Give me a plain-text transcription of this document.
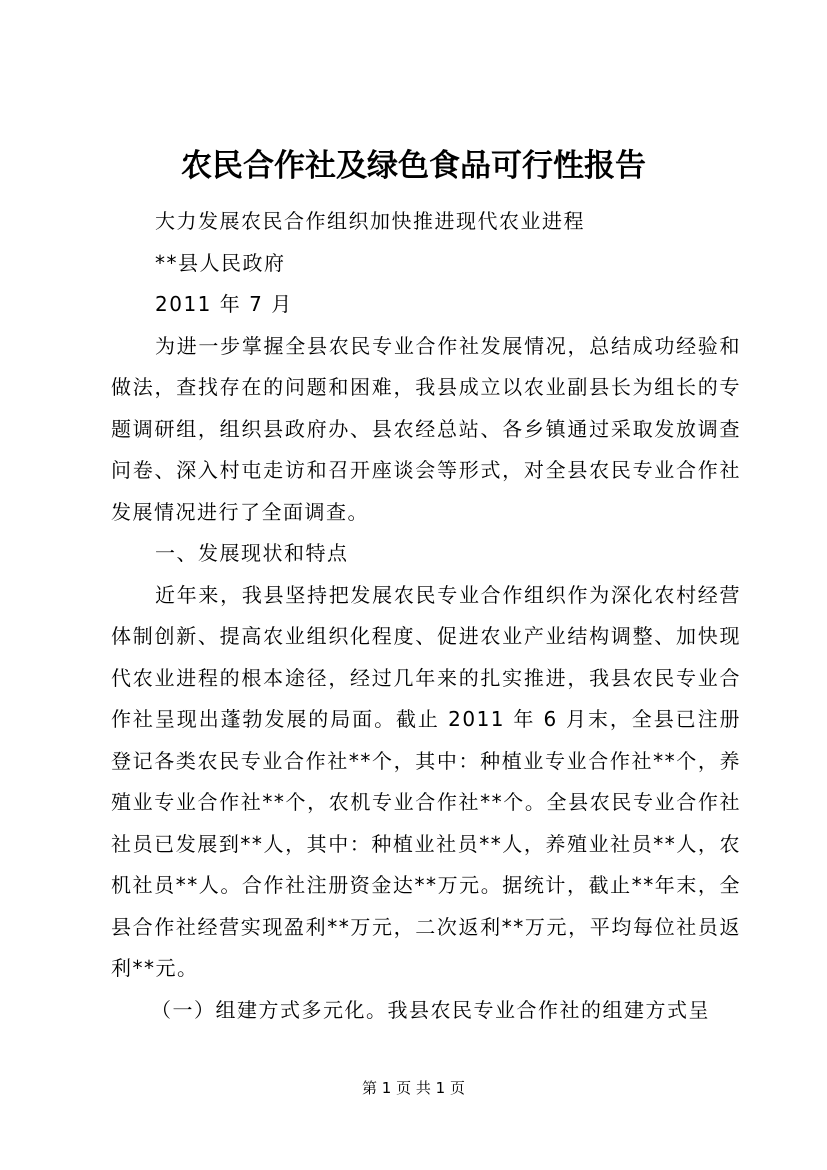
农民合作社及绿色食品可行性报告

大力发展农民合作组织加快推进现代农业进程

**县人民政府

2011 年 7 月

为进一步掌握全县农民专业合作社发展情况，总结成功经验和做法，查找存在的问题和困难，我县成立以农业副县长为组长的专题调研组，组织县政府办、县农经总站、各乡镇通过采取发放调查问卷、深入村屯走访和召开座谈会等形式，对全县农民专业合作社发展情况进行了全面调查。

一、发展现状和特点

近年来，我县坚持把发展农民专业合作组织作为深化农村经营体制创新、提高农业组织化程度、促进农业产业结构调整、加快现代农业进程的根本途径，经过几年来的扎实推进，我县农民专业合作社呈现出蓬勃发展的局面。截止 2011 年 6 月末，全县已注册登记各类农民专业合作社**个，其中：种植业专业合作社**个，养殖业专业合作社**个，农机专业合作社**个。全县农民专业合作社社员已发展到**人，其中：种植业社员**人，养殖业社员**人，农机社员**人。合作社注册资金达**万元。据统计，截止**年末，全县合作社经营实现盈利**万元，二次返利**万元，平均每位社员返利**元。

（一）组建方式多元化。我县农民专业合作社的组建方式呈

第 1 页 共 1 页
